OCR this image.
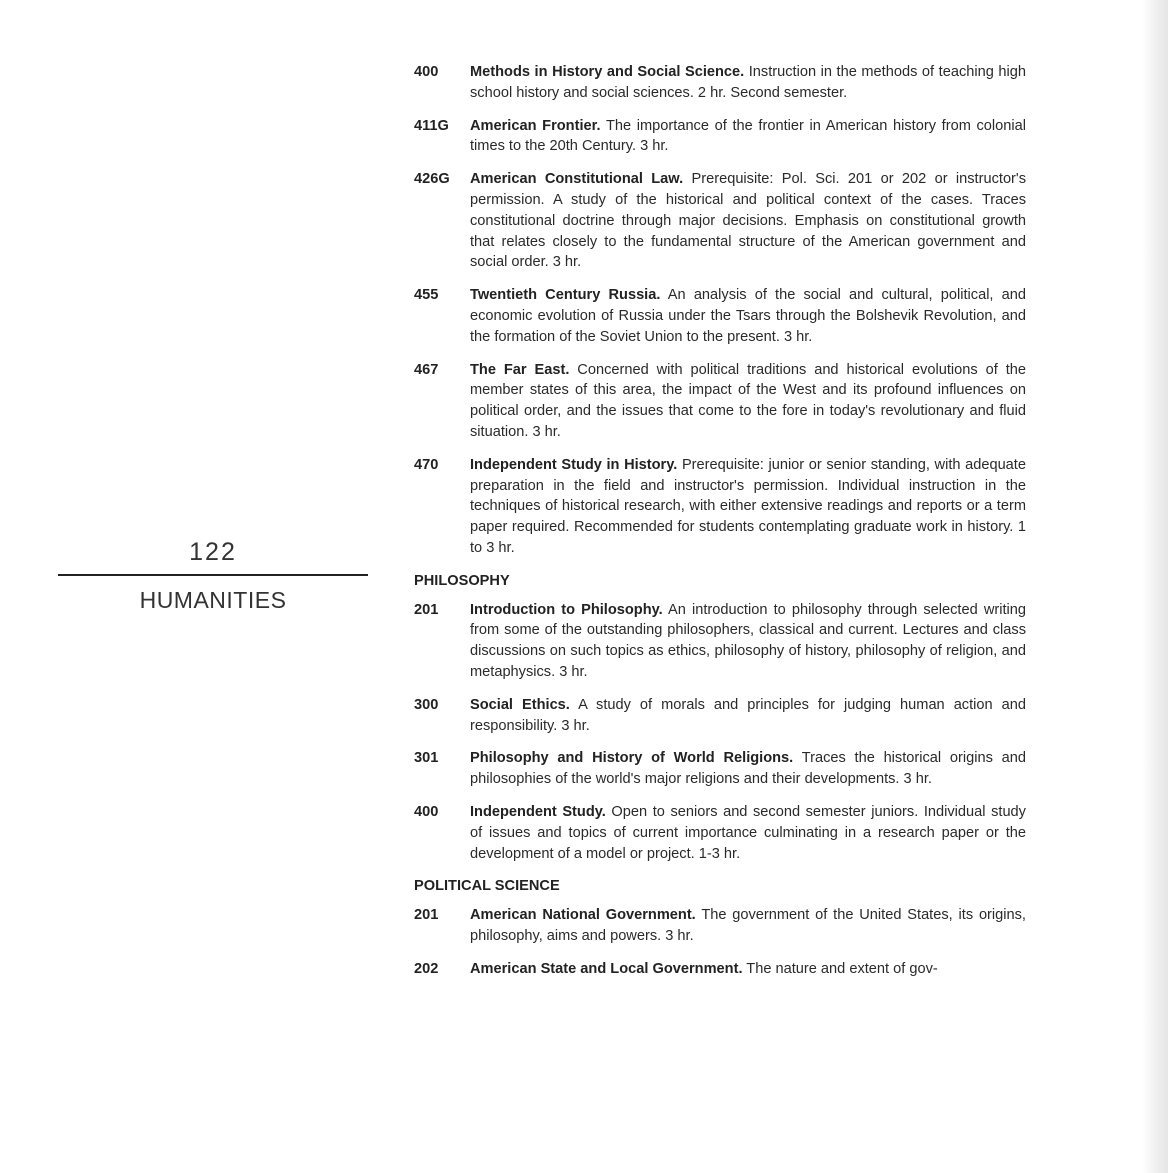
122
HUMANITIES
400	Methods in History and Social Science. Instruction in the methods of teaching high school history and social sciences. 2 hr. Second semester.
411G	American Frontier. The importance of the frontier in American history from colonial times to the 20th Century. 3 hr.
426G	American Constitutional Law. Prerequisite: Pol. Sci. 201 or 202 or instructor's permission. A study of the historical and political context of the cases. Traces constitutional doctrine through major decisions. Emphasis on constitutional growth that relates closely to the fundamental structure of the American government and social order. 3 hr.
455	Twentieth Century Russia. An analysis of the social and cultural, political, and economic evolution of Russia under the Tsars through the Bolshevik Revolution, and the formation of the Soviet Union to the present. 3 hr.
467	The Far East. Concerned with political traditions and historical evolutions of the member states of this area, the impact of the West and its profound influences on political order, and the issues that come to the fore in today's revolutionary and fluid situation. 3 hr.
470	Independent Study in History. Prerequisite: junior or senior standing, with adequate preparation in the field and instructor's permission. Individual instruction in the techniques of historical research, with either extensive readings and reports or a term paper required. Recommended for students contemplating graduate work in history. 1 to 3 hr.
PHILOSOPHY
201	Introduction to Philosophy. An introduction to philosophy through selected writing from some of the outstanding philosophers, classical and current. Lectures and class discussions on such topics as ethics, philosophy of history, philosophy of religion, and metaphysics. 3 hr.
300	Social Ethics. A study of morals and principles for judging human action and responsibility. 3 hr.
301	Philosophy and History of World Religions. Traces the historical origins and philosophies of the world's major religions and their developments. 3 hr.
400	Independent Study. Open to seniors and second semester juniors. Individual study of issues and topics of current importance culminating in a research paper or the development of a model or project. 1-3 hr.
POLITICAL SCIENCE
201	American National Government. The government of the United States, its origins, philosophy, aims and powers. 3 hr.
202	American State and Local Government. The nature and extent of gov-
